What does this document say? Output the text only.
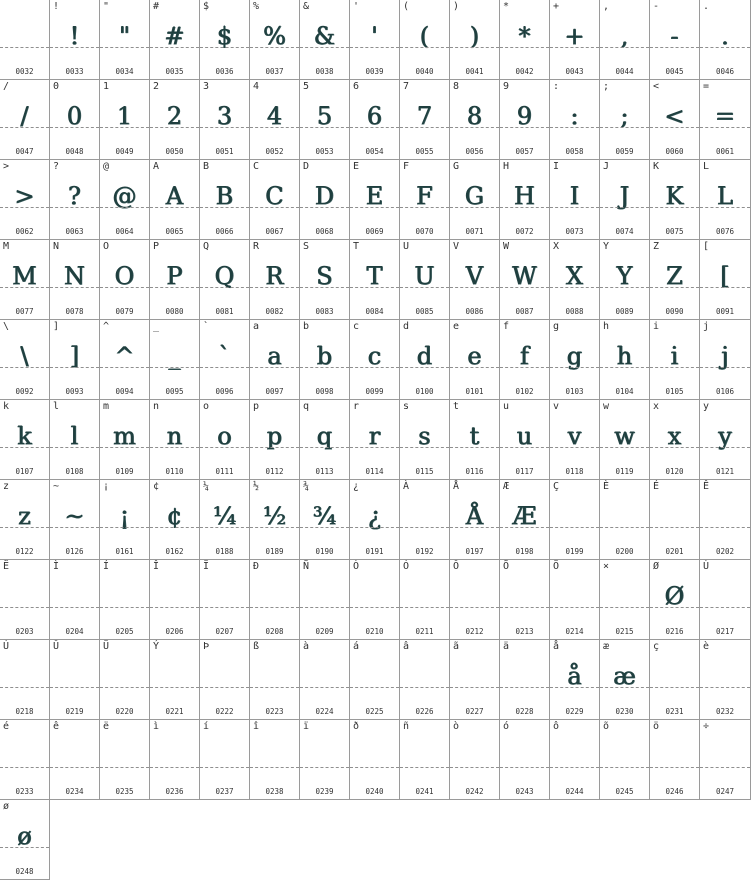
0032
!
!
0033
"
"
0034
#
#
0035
$
$
0036
%
%
0037
&
&
0038
'
'
0039
(
(
0040
)
)
0041
*
*
0042
+
+
0043
,
,
0044
-
-
0045
.
.
0046
/
/
0047
0
0
0048
1
1
0049
2
2
0050
3
3
0051
4
4
0052
5
5
0053
6
6
0054
7
7
0055
8
8
0056
9
9
0057
:
:
0058
;
;
0059
<
<
0060
=
=
0061
>
>
0062
?
?
0063
@
@
0064
A
A
0065
B
B
0066
C
C
0067
D
D
0068
E
E
0069
F
F
0070
G
G
0071
H
H
0072
I
I
0073
J
J
0074
K
K
0075
L
L
0076
M
M
0077
N
N
0078
O
O
0079
P
P
0080
Q
Q
0081
R
R
0082
S
S
0083
T
T
0084
U
U
0085
V
V
0086
W
W
0087
X
X
0088
Y
Y
0089
Z
Z
0090
[
[
0091
\
\
0092
]
]
0093
^
^
0094
_
_
0095
`
`
0096
a
a
0097
b
b
0098
c
c
0099
d
d
0100
e
e
0101
f
f
0102
g
g
0103
h
h
0104
i
i
0105
j
j
0106
k
k
0107
l
l
0108
m
m
0109
n
n
0110
o
o
0111
p
p
0112
q
q
0113
r
r
0114
s
s
0115
t
t
0116
u
u
0117
v
v
0118
w
w
0119
x
x
0120
y
y
0121
z
z
0122
~
~
0126
¡
¡
0161
¢
¢
0162
¼
¼
0188
½
½
0189
¾
¾
0190
¿
¿
0191
À
0192
Å
Å
0197
Æ
Æ
0198
Ç
0199
È
0200
É
0201
Ê
0202
Ë
0203
Ì
0204
Í
0205
Î
0206
Ï
0207
Ð
0208
Ñ
0209
Ò
0210
Ó
0211
Ô
0212
Õ
0213
Ö
0214
×
0215
Ø
Ø
0216
Ù
0217
Ú
0218
Û
0219
Ü
0220
Ý
0221
Þ
0222
ß
0223
à
0224
á
0225
â
0226
ã
0227
ä
0228
å
å
0229
æ
æ
0230
ç
0231
è
0232
é
0233
ê
0234
ë
0235
ì
0236
í
0237
î
0238
ï
0239
ð
0240
ñ
0241
ò
0242
ó
0243
ô
0244
õ
0245
ö
0246
÷
0247
ø
ø
0248
